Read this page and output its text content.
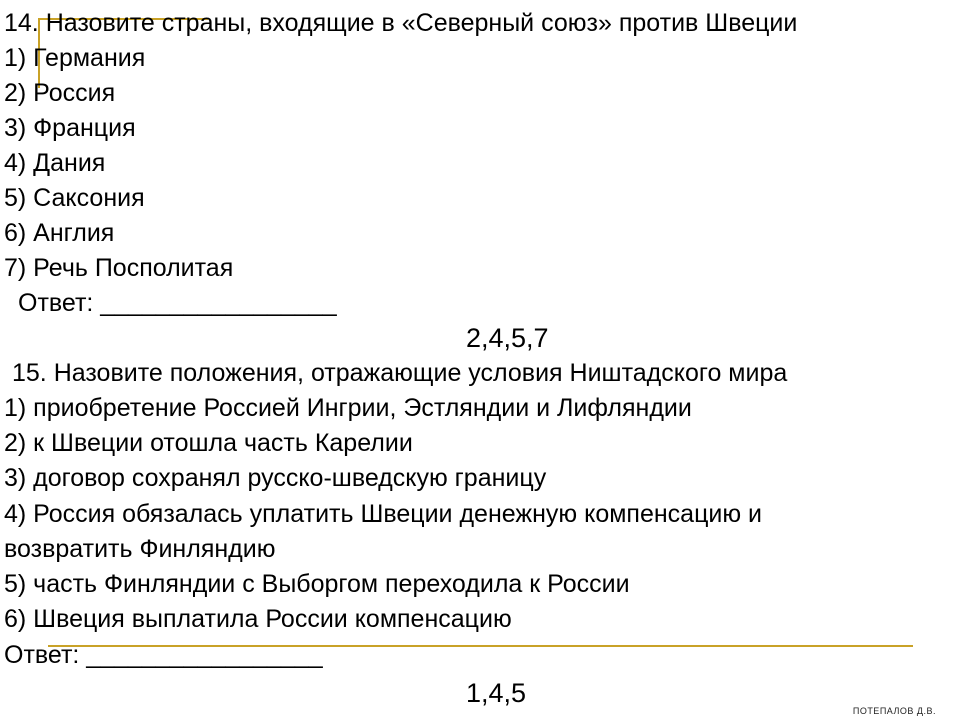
14. Назовите страны, входящие в «Северный союз» против Швеции
1) Германия
2) Россия
3) Франция
4) Дания
5) Саксония
6) Англия
7) Речь Посполитая
Ответ: _________________
2,4,5,7
15. Назовите положения, отражающие условия Ништадского мира
1) приобретение Россией Ингрии, Эстляндии и Лифляндии
2) к Швеции отошла часть Карелии
3) договор сохранял русско-шведскую границу
4) Россия обязалась уплатить Швеции денежную компенсацию и
возвратить Финляндию
5) часть Финляндии с Выборгом переходила к России
6) Швеция выплатила России компенсацию
Ответ: _________________
1,4,5
ПОТЕПАЛОВ Д.В.
